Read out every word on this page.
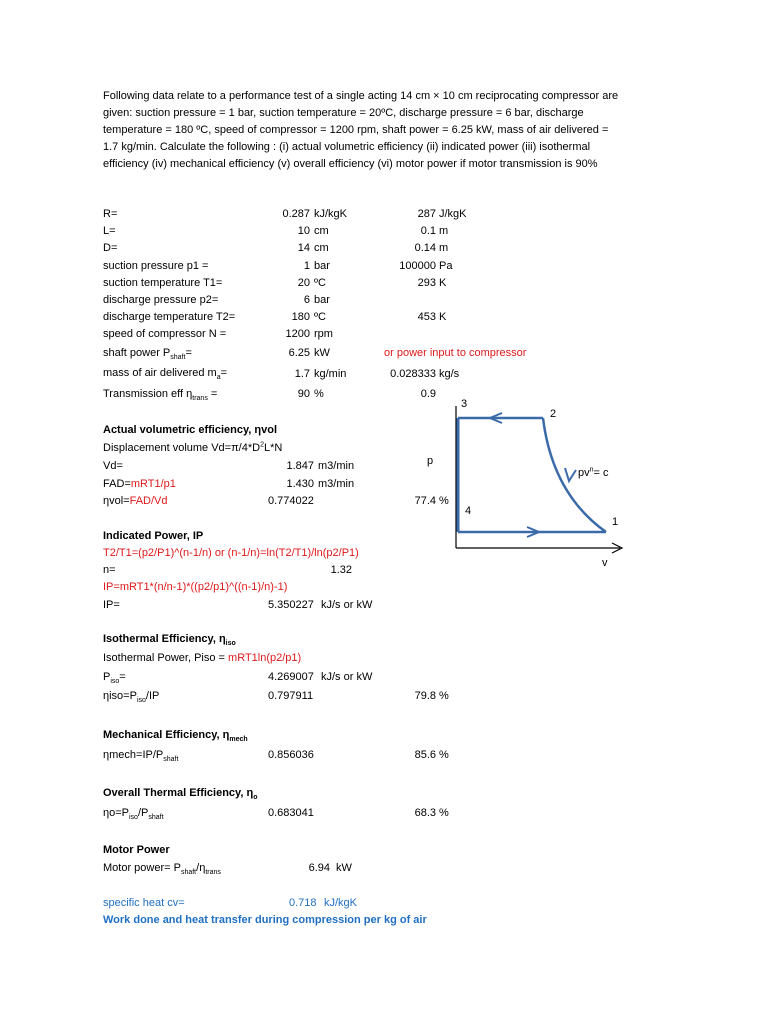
Following data relate to a performance test of a single acting 14 cm × 10 cm reciprocating compressor are given: suction pressure = 1 bar, suction temperature = 20ºC, discharge pressure = 6 bar, discharge temperature = 180 ºC, speed of compressor = 1200 rpm, shaft power = 6.25 kW, mass of air delivered = 1.7 kg/min. Calculate the following : (i) actual volumetric efficiency (ii) indicated power (iii) isothermal efficiency (iv) mechanical efficiency (v) overall efficiency (vi) motor power if motor transmission is 90%
R=	0.287 kJ/kgK	287 J/kgK
L=	10 cm	0.1 m
D=	14 cm	0.14 m
suction pressure p1 =	1 bar	100000 Pa
suction temperature T1=	20 ºC	293 K
discharge pressure p2=	6 bar
discharge temperature T2=	180 ºC	453 K
speed of compressor N =	1200 rpm
shaft power $P_{shaft}=$	6.25 kW	or power input to compressor
mass of air delivered $m_a=$	1.7 kg/min	0.028333 kg/s
Transmission eff $\eta_{trans}$ =	90 %	0.9
Actual volumetric efficiency, ηvol
Displacement volume $Vd=\pi/4*D^2L*N$
Vd=	1.847 m3/min
FAD=mRT1/p1	1.430 m3/min
ηvol=FAD/Vd	0.774022	77.4 %
Indicated Power, IP
T2/T1=(p2/P1)^(n-1/n) or (n-1/n)=ln(T2/T1)/ln(p2/P1)
n=	1.32
IP=mRT1*(n/n-1)*((p2/p1)^((n-1)/n)-1)
IP=	5.350227 kJ/s or kW
Isothermal Efficiency, $\eta_{iso}$
Isothermal Power, Piso = mRT1ln(p2/p1)
$P_{iso}=$	4.269007 kJ/s or kW
$\eta iso=P_{iso}/IP$	0.797911	79.8 %
Mechanical Efficiency, $\eta_{mech}$
$\eta mech=IP/P_{shaft}$	0.856036	85.6 %
Overall Thermal Efficiency, $\eta_o$
$\eta o=P_{iso}/P_{shaft}$	0.683041	68.3 %
Motor Power
Motor power= $P_{shaft}/\eta_{trans}$	6.94 kW
specific heat cv=	0.718 kJ/kgK
Work done and heat transfer during compression per kg of air
p
v
3
2
4
1
$pv^n= c$
